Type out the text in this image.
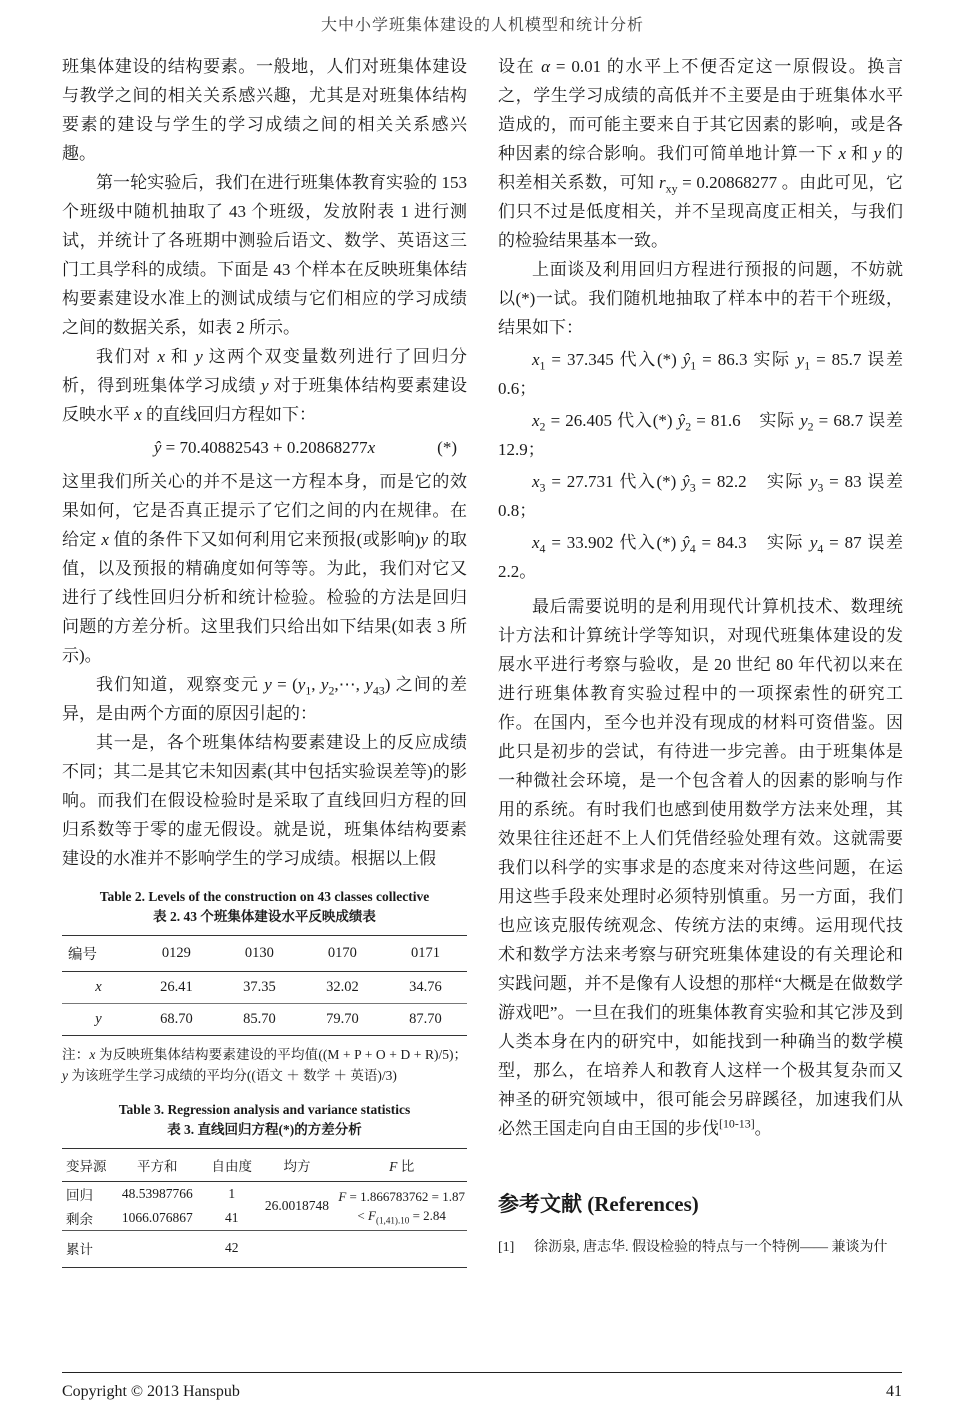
大中小学班集体建设的人机模型和统计分析

班集体建设的结构要素。一般地，人们对班集体建设与教学之间的相关关系感兴趣，尤其是对班集体结构要素的建设与学生的学习成绩之间的相关关系感兴趣。

第一轮实验后，我们在进行班集体教育实验的 153 个班级中随机抽取了 43 个班级，发放附表 1 进行测试，并统计了各班期中测验后语文、数学、英语这三门工具学科的成绩。下面是 43 个样本在反映班集体结构要素建设水准上的测试成绩与它们相应的学习成绩之间的数据关系，如表 2 所示。

我们对 x 和 y 这两个双变量数列进行了回归分析，得到班集体学习成绩 y 对于班集体结构要素建设反映水平 x 的直线回归方程如下：

ŷ = 70.40882543 + 0.20868277x	(*)

这里我们所关心的并不是这一方程本身，而是它的效果如何，它是否真正提示了它们之间的内在规律。在给定 x 值的条件下又如何利用它来预报(或影响)y 的取值，以及预报的精确度如何等等。为此，我们对它又进行了线性回归分析和统计检验。检验的方法是回归问题的方差分析。这里我们只给出如下结果(如表 3 所示)。

我们知道，观察变元 $y = (y_1$, $y_2,\cdots$, $y_{43}$) 之间的差异，是由两个方面的原因引起的：

其一是，各个班集体结构要素建设上的反应成绩不同；其二是其它未知因素(其中包括实验误差等)的影响。而我们在假设检验时是采取了直线回归方程的回归系数等于零的虚无假设。就是说，班集体结构要素建设的水准并不影响学生的学习成绩。根据以上假

Table 2. Levels of the construction on 43 classes collective
表 2. 43 个班集体建设水平反映成绩表
编号	0129	0130	0170	0171
x	26.41	37.35	32.02	34.76
y	68.70	85.70	79.70	87.70

注：x 为反映班集体结构要素建设的平均值((M + P + O + D + R)/5)；y 为该班学生学习成绩的平均分((语文 ＋ 数学 ＋ 英语)/3)

Table 3. Regression analysis and variance statistics
表 3. 直线回归方程(*)的方差分析
变异源	平方和	自由度	均方	F 比
回归	48.53987766	1	26.0018748	F = 1.866783762 = 1.87
< $F_{(1,41).10} = 2.84$

剩余	1066.076867	41		
累计		42		

设在 α = 0.01 的水平上不便否定这一原假设。换言之，学生学习成绩的高低并不主要是由于班集体水平造成的，而可能主要来自于其它因素的影响，或是各种因素的综合影响。我们可简单地计算一下 x 和 y 的积差相关系数，可知 $r_{xy} = 0.20868277$ 。由此可见，它们只不过是低度相关，并不呈现高度正相关，与我们的检验结果基本一致。

上面谈及利用回归方程进行预报的问题，不妨就以(*)一试。我们随机地抽取了样本中的若干个班级，结果如下：

$x_1 = 37.345$ 代入(*) $ŷ_1 = 86.3$ 实际 $y_1 = 85.7$ 误差 0.6；

$x_2 = 26.405$ 代入(*) $ŷ_2 = 81.6$　实际 $y_2 = 68.7$ 误差 12.9；

$x_3 = 27.731$ 代入(*) $ŷ_3 = 82.2$　实际 $y_3 = 83$ 误差 0.8；

$x_4 = 33.902$ 代入(*) $ŷ_4 = 84.3$　实际 $y_4 = 87$ 误差 2.2。

最后需要说明的是利用现代计算机技术、数理统计方法和计算统计学等知识，对现代班集体建设的发展水平进行考察与验收，是 20 世纪 80 年代初以来在进行班集体教育实验过程中的一项探索性的研究工作。在国内，至今也并没有现成的材料可资借鉴。因此只是初步的尝试，有待进一步完善。由于班集体是一种微社会环境，是一个包含着人的因素的影响与作用的系统。有时我们也感到使用数学方法来处理，其效果往往还赶不上人们凭借经验处理有效。这就需要我们以科学的实事求是的态度来对待这些问题，在运用这些手段来处理时必须特别慎重。另一方面，我们也应该克服传统观念、传统方法的束缚。运用现代技术和数学方法来考察与研究班集体建设的有关理论和实践问题，并不是像有人设想的那样“大概是在做数学游戏吧”。一旦在我们的班集体教育实验和其它涉及到人类本身在内的研究中，如能找到一种确当的数学模型，那么，在培养人和教育人这样一个极其复杂而又神圣的研究领域中，很可能会另辟蹊径，加速我们从必然王国走向自由王国的步伐[10-13]。

参考文献 (References)
[1]	徐沥泉, 唐志华. 假设检验的特点与一个特例—— 兼谈为什
Copyright © 2013 Hanspub	41
